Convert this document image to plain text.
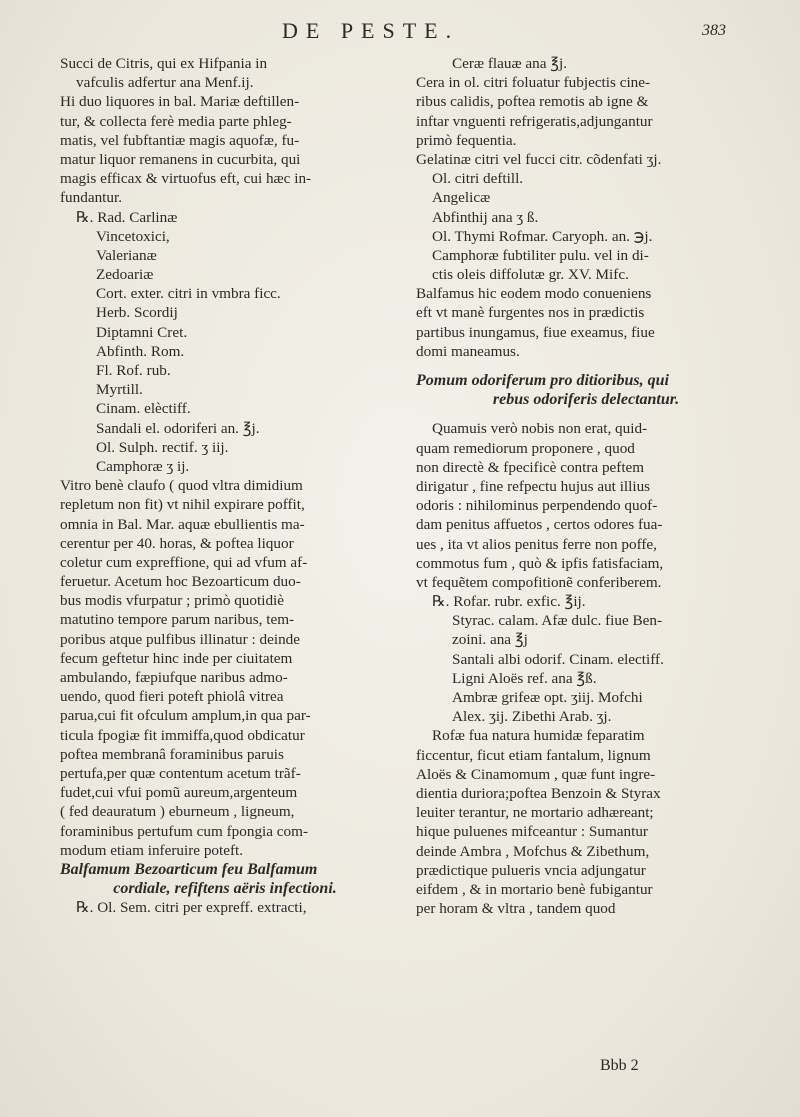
DE PESTE.	383
Succi de Citris, qui ex Hifpania in
vafculis adfertur ana Menf.ij.
Hi duo liquores in bal. Mariæ deftillen-
tur, & collecta ferè media parte phleg-
matis, vel fubftantiæ magis aquofæ, fu-
matur liquor remanens in cucurbita, qui
magis efficax & virtuofus eft, cui hæc in-
fundantur.
℞. Rad. Carlinæ
Vincetoxici,
Valerianæ
Zedoariæ
Cort. exter. citri in vmbra ficc.
Herb. Scordij
Diptamni Cret.
Abfinth. Rom.
Fl. Rof. rub.
Myrtill.
Cinam. elèctiff.
Sandali el. odoriferi an. ℥j.
Ol. Sulph. rectif. ʒ iij.
Camphoræ ʒ ij.
Vitro benè claufo ( quod vltra dimidium
repletum non fit) vt nihil expirare poffit,
omnia in Bal. Mar. aquæ ebullientis ma-
cerentur per 40. horas, & poftea liquor
coletur cum expreffione, qui ad vfum af-
feruetur. Acetum hoc Bezoarticum duo-
bus modis vfurpatur ; primò quotidiè
matutino tempore parum naribus, tem-
poribus atque pulfibus illinatur : deinde
fecum geftetur hinc inde per ciuitatem
ambulando, fæpiufque naribus admo-
uendo, quod fieri poteft phiolâ vitrea
parua,cui fit ofculum amplum,in qua par-
ticula fpogiæ fit immiffa,quod obdicatur
poftea membranâ foraminibus paruis
pertufa,per quæ contentum acetum trãf-
fudet,cui vfui pomũ aureum,argenteum
( fed deauratum ) eburneum , ligneum,
foraminibus pertufum cum fpongia com-
modum etiam inferuire poteft.
Balfamum Bezoarticum feu Balfamum
cordiale, refiftens aëris infectioni.
℞. Ol. Sem. citri per expreff. extracti,
Ceræ flauæ ana ℥j.
Cera in ol. citri foluatur fubjectis cine-
ribus calidis, poftea remotis ab igne &
inftar vnguenti refrigeratis,adjungantur
primò fequentia.
Gelatinæ citri vel fucci citr. cõdenfati ʒj.
Ol. citri deftill.
Angelicæ
Abfinthij ana ʒ ß.
Ol. Thymi Rofmar. Caryoph. an. ℈j.
Camphoræ fubtiliter pulu. vel in di-
ctis oleis diffolutæ gr. XV. Mifc.
Balfamus hic eodem modo conueniens
eft vt manè furgentes nos in prædictis
partibus inungamus, fiue exeamus, fiue
domi maneamus.
Pomum odoriferum pro ditioribus, qui
rebus odoriferis delectantur.
Quamuis verò nobis non erat, quid-
quam remediorum proponere , quod
non directè & fpecificè contra peftem
dirigatur , fine refpectu hujus aut illius
odoris : nihilominus perpendendo quof-
dam penitus affuetos , certos odores fua-
ues , ita vt alios penitus ferre non poffe,
commotus fum , quò & ipfis fatisfaciam,
vt fequẽtem compofitionẽ conferiberem.
℞. Rofar. rubr. exfic. ℥ij.
Styrac. calam. Afæ dulc. fiue Ben-
zoini. ana ℥j
Santali albi odorif. Cinam. electiff.
Ligni Aloës ref. ana ℥ß.
Ambræ grifeæ opt. ʒiij. Mofchi
Alex. ʒij. Zibethi Arab. ʒj.
Rofæ fua natura humidæ feparatim
ficcentur, ficut etiam fantalum, lignum
Aloës & Cinamomum , quæ funt ingre-
dientia duriora;poftea Benzoin & Styrax
leuiter terantur, ne mortario adhæreant;
hique puluenes mifceantur : Sumantur
deinde Ambra , Mofchus & Zibethum,
prædictique pulueris vncia adjungatur
eifdem , & in mortario benè fubigantur
per horam & vltra , tandem quod
Bbb 2
